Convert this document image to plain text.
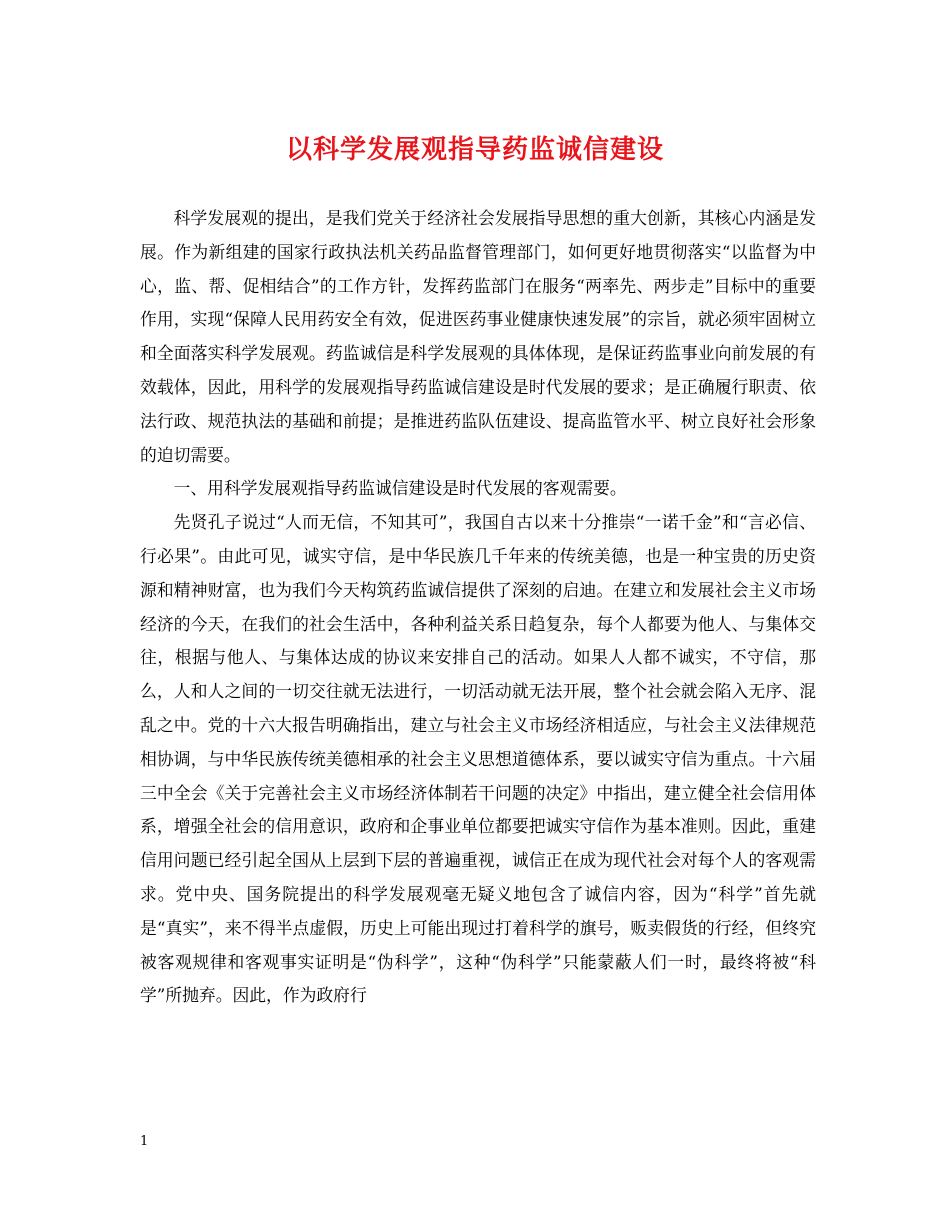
以科学发展观指导药监诚信建设

科学发展观的提出，是我们党关于经济社会发展指导思想的重大创新，其核心内涵是发展。作为新组建的国家行政执法机关药品监督管理部门，如何更好地贯彻落实“以监督为中心，监、帮、促相结合”的工作方针，发挥药监部门在服务“两率先、两步走”目标中的重要作用，实现“保障人民用药安全有效，促进医药事业健康快速发展”的宗旨，就必须牢固树立和全面落实科学发展观。药监诚信是科学发展观的具体体现，是保证药监事业向前发展的有效载体，因此，用科学的发展观指导药监诚信建设是时代发展的要求；是正确履行职责、依法行政、规范执法的基础和前提；是推进药监队伍建设、提高监管水平、树立良好社会形象的迫切需要。

一、用科学发展观指导药监诚信建设是时代发展的客观需要。

先贤孔子说过“人而无信，不知其可”，我国自古以来十分推崇“一诺千金”和“言必信、行必果”。由此可见，诚实守信，是中华民族几千年来的传统美德，也是一种宝贵的历史资源和精神财富，也为我们今天构筑药监诚信提供了深刻的启迪。在建立和发展社会主义市场经济的今天，在我们的社会生活中，各种利益关系日趋复杂，每个人都要为他人、与集体交往，根据与他人、与集体达成的协议来安排自己的活动。如果人人都不诚实，不守信，那么，人和人之间的一切交往就无法进行，一切活动就无法开展，整个社会就会陷入无序、混乱之中。党的十六大报告明确指出，建立与社会主义市场经济相适应，与社会主义法律规范相协调，与中华民族传统美德相承的社会主义思想道德体系，要以诚实守信为重点。十六届三中全会《关于完善社会主义市场经济体制若干问题的决定》中指出，建立健全社会信用体系，增强全社会的信用意识，政府和企事业单位都要把诚实守信作为基本准则。因此，重建信用问题已经引起全国从上层到下层的普遍重视，诚信正在成为现代社会对每个人的客观需求。党中央、国务院提出的科学发展观毫无疑义地包含了诚信内容，因为“科学”首先就是“真实”，来不得半点虚假，历史上可能出现过打着科学的旗号，贩卖假货的行经，但终究被客观规律和客观事实证明是“伪科学”，这种“伪科学”只能蒙蔽人们一时，最终将被“科学”所抛弃。因此，作为政府行

1
